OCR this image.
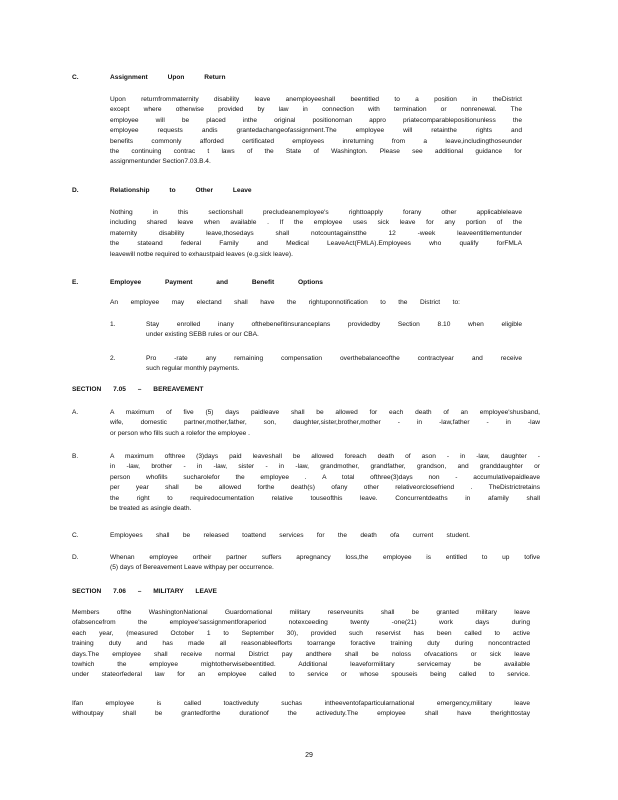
C.	Assignment Upon Return
Upon returnfrommaternity disability leave anemployeeshall beentitled to a position in theDistrict
except where otherwise provided by law in connection with termination or nonrenewal. The
employee will be placed inthe original positionornan appro priatecomparablepositionunless the
employee requests andis grantedachangeofassignment.The employee will retainthe rights and
benefits commonly afforded certificated employees inreturning from a leave,includingthoseunder
the continuing contrac t laws of the State of Washington. Please see additional guidance for
assignmentunder Section7.03.B.4.
D.	Relationship to Other Leave
Nothing in this sectionshall precludeanemployee's righttoapply forany other applicableleave
including shared leave when available . If the employee uses sick leave for any portion of the
maternity disability leave,thosedays shall notcountagainstthe 12 -week leaveentitlementunder
the stateand federal Family and Medical LeaveAct(FMLA).Employees who qualify forFMLA
leavewill notbe required to exhaustpaid leaves (e.g.sick leave).
E.	Employee Payment and Benefit Options
An employee may electand shall have the rightuponnotification to the District to:
1.	Stay enrolled inany ofthebenefitinsuranceplans providedby Section 8.10 when eligible
under existing SEBB rules or our CBA.
2.	Pro -rate any remaining compensation overthebalanceofthe contractyear and receive
such regular monthly payments.
SECTION 7.05 – BEREAVEMENT
A.	A maximum of five (5) days paidleave shall be allowed for each death of an employee'shusband,
wife, domestic partner,mother,father, son, daughter,sister,brother,mother - in -law,father - in -law
or person who fills such a rolefor the employee .
B.	A maximum ofthree (3)days paid leaveshall be allowed foreach death of ason - in -law, daughter -
in -law, brother - in -law, sister - in -law, grandmother, grandfather, grandson, and granddaughter or
person whofills sucharolefor the employee . A total ofthree(3)days non - accumulativepaidleave
per year shall be allowed forthe death(s) ofany other relativeorclosefriend . TheDistrictretains
the right to requiredocumentation relative touseofthis leave. Concurrentdeaths in afamily shall
be treated as asingle death.
C.	Employees shall be released toattend services for the death ofa current student.
D.	Whenan employee ortheir partner suffers apregnancy loss,the employee is entitled to up tofive
(5) days of Bereavement Leave withpay per occurrence.
SECTION 7.06 – MILITARY LEAVE
Members ofthe WashingtonNational Guardornational military reserveunits shall be granted military leave
ofabsencefrom the employee'sassignmentforaperiod notexceeding twenty -one(21) work days during
each year, (measured October 1 to September 30), provided such reservist has been called to active
training duty and has made all reasonableefforts toarrange foractive training duty during noncontracted
days.The employee shall receive normal District pay andthere shall be noloss ofvacations or sick leave
towhich the employee mightotherwisebeentitled. Additional leaveformilitary servicemay be available
under stateorfederal law for an employee called to service or whose spouseis being called to service.
Ifan employee is called toactiveduty suchas intheeventofaparticularnational emergency,military leave
withoutpay shall be grantedforthe durationof the activeduty.The employee shall have therighttostay
29
